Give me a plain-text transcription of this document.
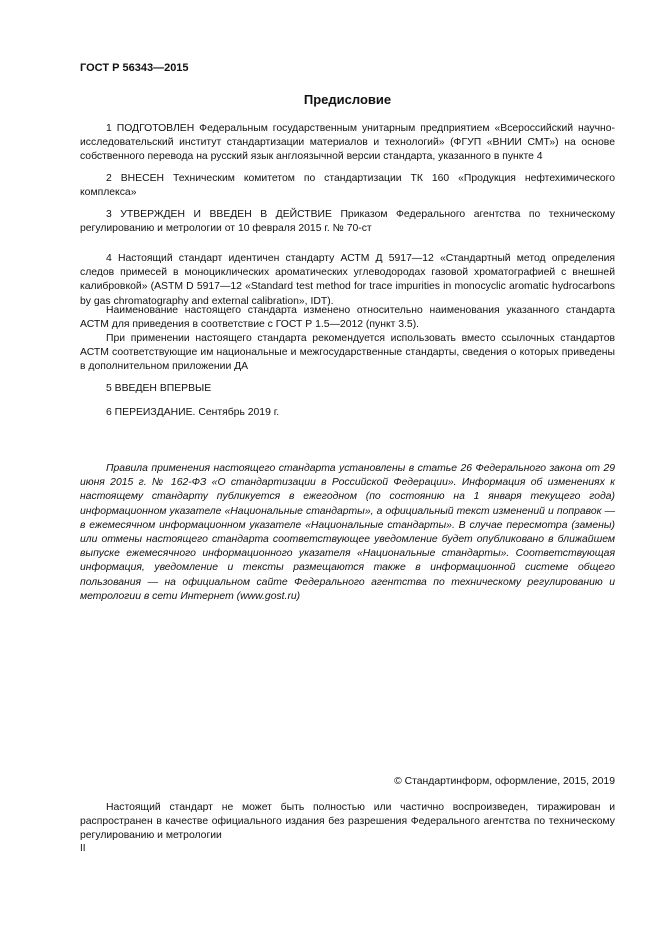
ГОСТ Р 56343—2015
Предисловие

1 ПОДГОТОВЛЕН Федеральным государственным унитарным предприятием «Всероссийский научно-исследовательский институт стандартизации материалов и технологий» (ФГУП «ВНИИ СМТ») на основе собственного перевода на русский язык англоязычной версии стандарта, указанного в пункте 4

2 ВНЕСЕН Техническим комитетом по стандартизации ТК 160 «Продукция нефтехимического комплекса»

3 УТВЕРЖДЕН И ВВЕДЕН В ДЕЙСТВИЕ Приказом Федерального агентства по техническому регулированию и метрологии от 10 февраля 2015 г. № 70-ст

4 Настоящий стандарт идентичен стандарту АСТМ Д 5917—12 «Стандартный метод определения следов примесей в моноциклических ароматических углеводородах газовой хроматографией с внешней калибровкой» (ASTM D 5917—12 «Standard test method for trace impurities in monocyclic aromatic hydrocarbons by gas chromatography and external calibration», IDT).

Наименование настоящего стандарта изменено относительно наименования указанного стандарта АСТМ для приведения в соответствие с ГОСТ Р 1.5—2012 (пункт 3.5).

При применении настоящего стандарта рекомендуется использовать вместо ссылочных стандартов АСТМ соответствующие им национальные и межгосударственные стандарты, сведения о которых приведены в дополнительном приложении ДА

5 ВВЕДЕН ВПЕРВЫЕ

6 ПЕРЕИЗДАНИЕ. Сентябрь 2019 г.

Правила применения настоящего стандарта установлены в статье 26 Федерального закона от 29 июня 2015 г. № 162-ФЗ «О стандартизации в Российской Федерации». Информация об изменениях к настоящему стандарту публикуется в ежегодном (по состоянию на 1 января текущего года) информационном указателе «Национальные стандарты», а официальный текст изменений и поправок — в ежемесячном информационном указателе «Национальные стандарты». В случае пересмотра (замены) или отмены настоящего стандарта соответствующее уведомление будет опубликовано в ближайшем выпуске ежемесячного информационного указателя «Национальные стандарты». Соответствующая информация, уведомление и тексты размещаются также в информационной системе общего пользования — на официальном сайте Федерального агентства по техническому регулированию и метрологии в сети Интернет (www.gost.ru)

© Стандартинформ, оформление, 2015, 2019

Настоящий стандарт не может быть полностью или частично воспроизведен, тиражирован и распространен в качестве официального издания без разрешения Федерального агентства по техническому регулированию и метрологии

II
